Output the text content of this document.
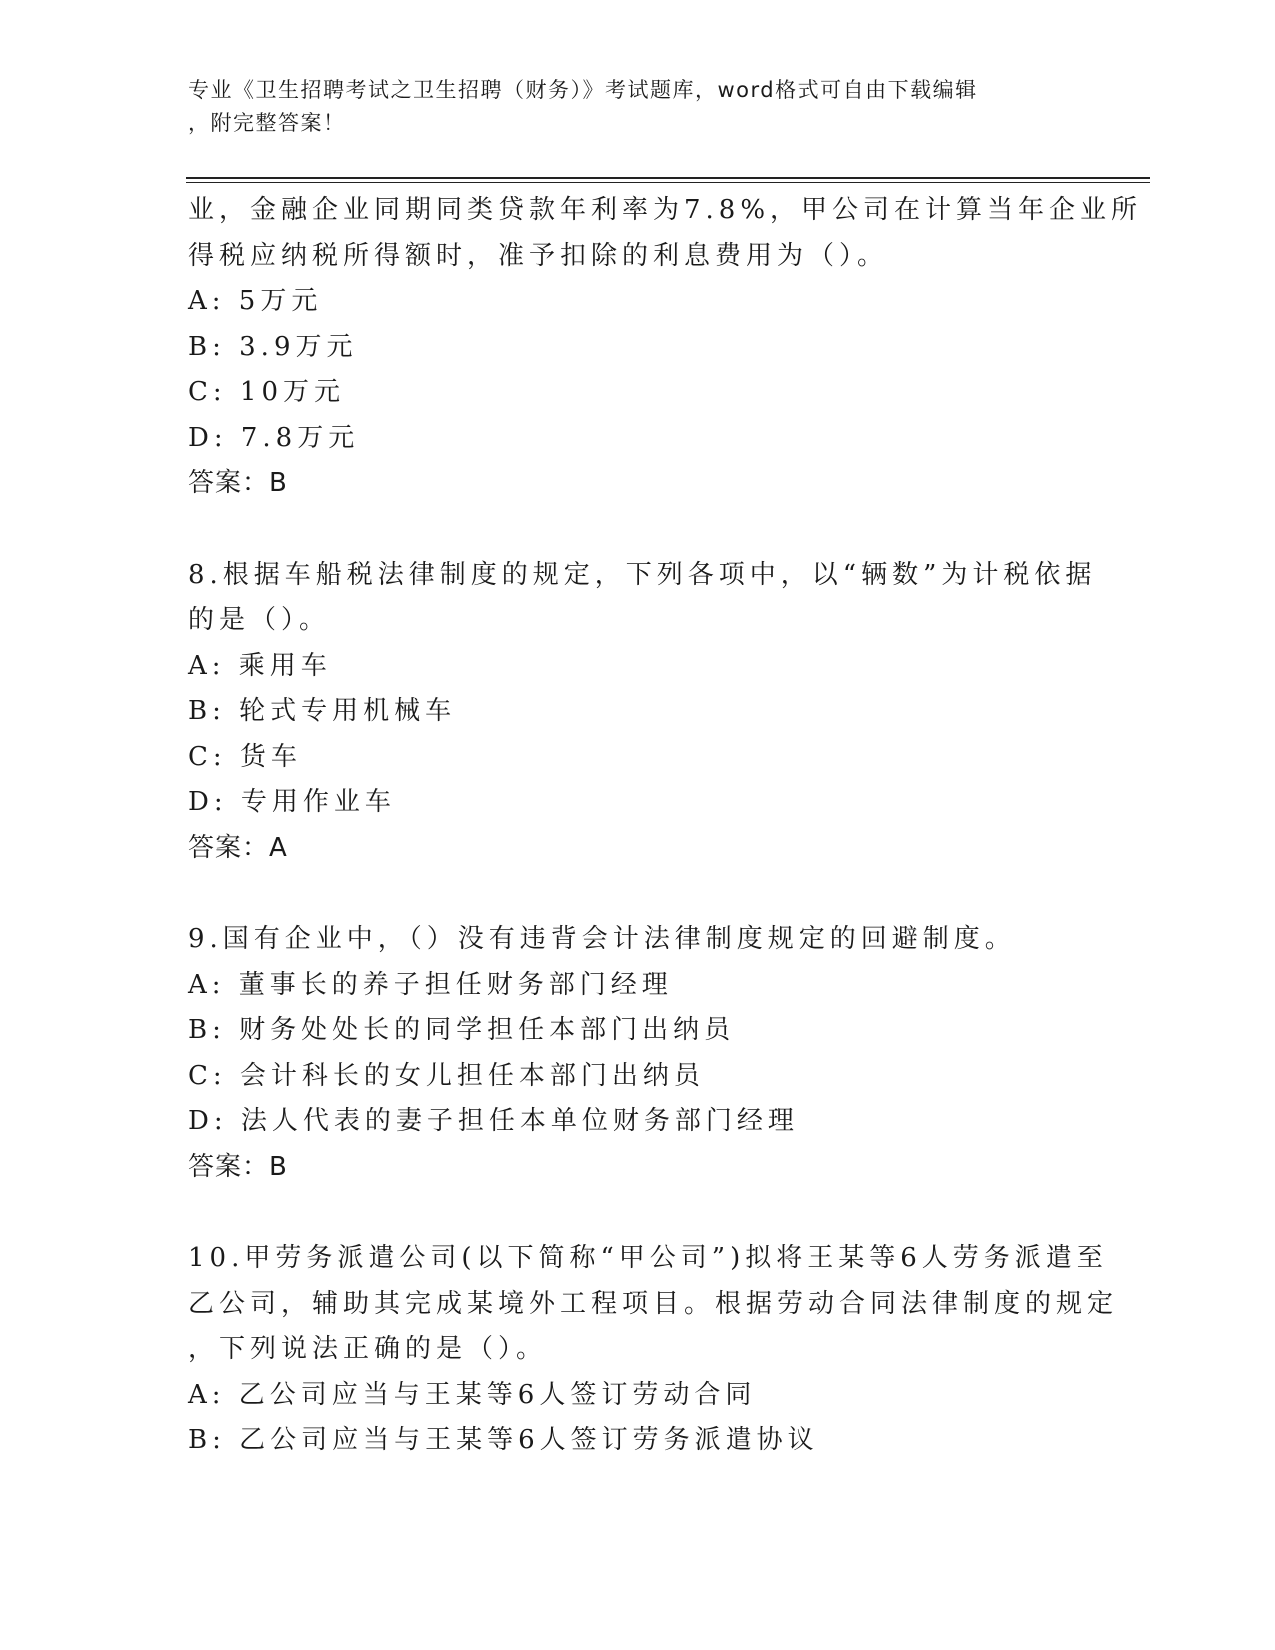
专业《卫生招聘考试之卫生招聘（财务）》考试题库，word格式可自由下载编辑
，附完整答案！
业，金融企业同期同类贷款年利率为7.8%，甲公司在计算当年企业所
得税应纳税所得额时，准予扣除的利息费用为（）。
A: 5万元
B: 3.9万元
C: 10万元
D: 7.8万元
答案：B
8.根据车船税法律制度的规定，下列各项中，以“辆数”为计税依据
的是（）。
A: 乘用车
B: 轮式专用机械车
C: 货车
D: 专用作业车
答案：A
9.国有企业中，（）没有违背会计法律制度规定的回避制度。
A: 董事长的养子担任财务部门经理
B: 财务处处长的同学担任本部门出纳员
C: 会计科长的女儿担任本部门出纳员
D: 法人代表的妻子担任本单位财务部门经理
答案：B
10.甲劳务派遣公司(以下简称“甲公司”)拟将王某等6人劳务派遣至
乙公司，辅助其完成某境外工程项目。根据劳动合同法律制度的规定
，下列说法正确的是（）。
A: 乙公司应当与王某等6人签订劳动合同
B: 乙公司应当与王某等6人签订劳务派遣协议
